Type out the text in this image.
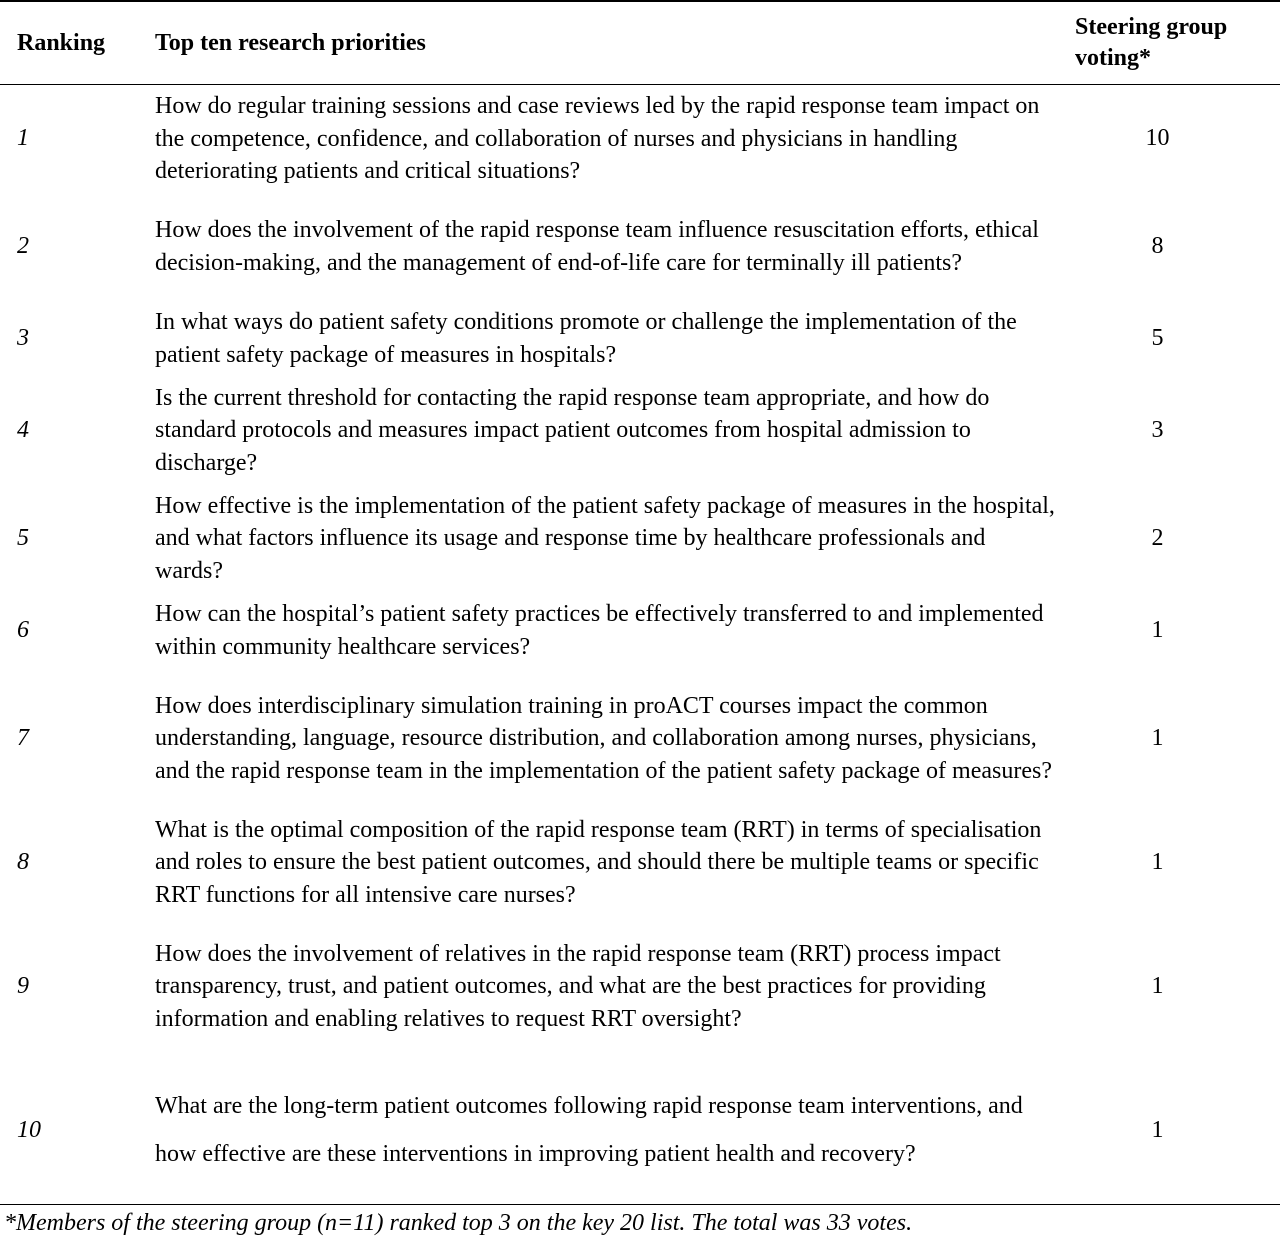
Ranking	Top ten research priorities	Steering group
voting*
1	How do regular training sessions and case reviews led by the rapid response team impact on the competence, confidence, and collaboration of nurses and physicians in handling deteriorating patients and critical situations?	10
2	How does the involvement of the rapid response team influence resuscitation efforts, ethical decision-making, and the management of end-of-life care for terminally ill patients?	8
3	In what ways do patient safety conditions promote or challenge the implementation of the patient safety package of measures in hospitals?	5
4	Is the current threshold for contacting the rapid response team appropriate, and how do standard protocols and measures impact patient outcomes from hospital admission to discharge?	3
5	How effective is the implementation of the patient safety package of measures in the hospital, and what factors influence its usage and response time by healthcare professionals and wards?	2
6	How can the hospital’s patient safety practices be effectively transferred to and implemented within community healthcare services?	1
7	How does interdisciplinary simulation training in proACT courses impact the common understanding, language, resource distribution, and collaboration among nurses, physicians, and the rapid response team in the implementation of the patient safety package of measures?	1
8	What is the optimal composition of the rapid response team (RRT) in terms of specialisation and roles to ensure the best patient outcomes, and should there be multiple teams or specific RRT functions for all intensive care nurses?	1
9	How does the involvement of relatives in the rapid response team (RRT) process impact transparency, trust, and patient outcomes, and what are the best practices for providing information and enabling relatives to request RRT oversight?	1
10	What are the long-term patient outcomes following rapid response team interventions, and how effective are these interventions in improving patient health and recovery?	1
*Members of the steering group (n=11) ranked top 3 on the key 20 list. The total was 33 votes.
